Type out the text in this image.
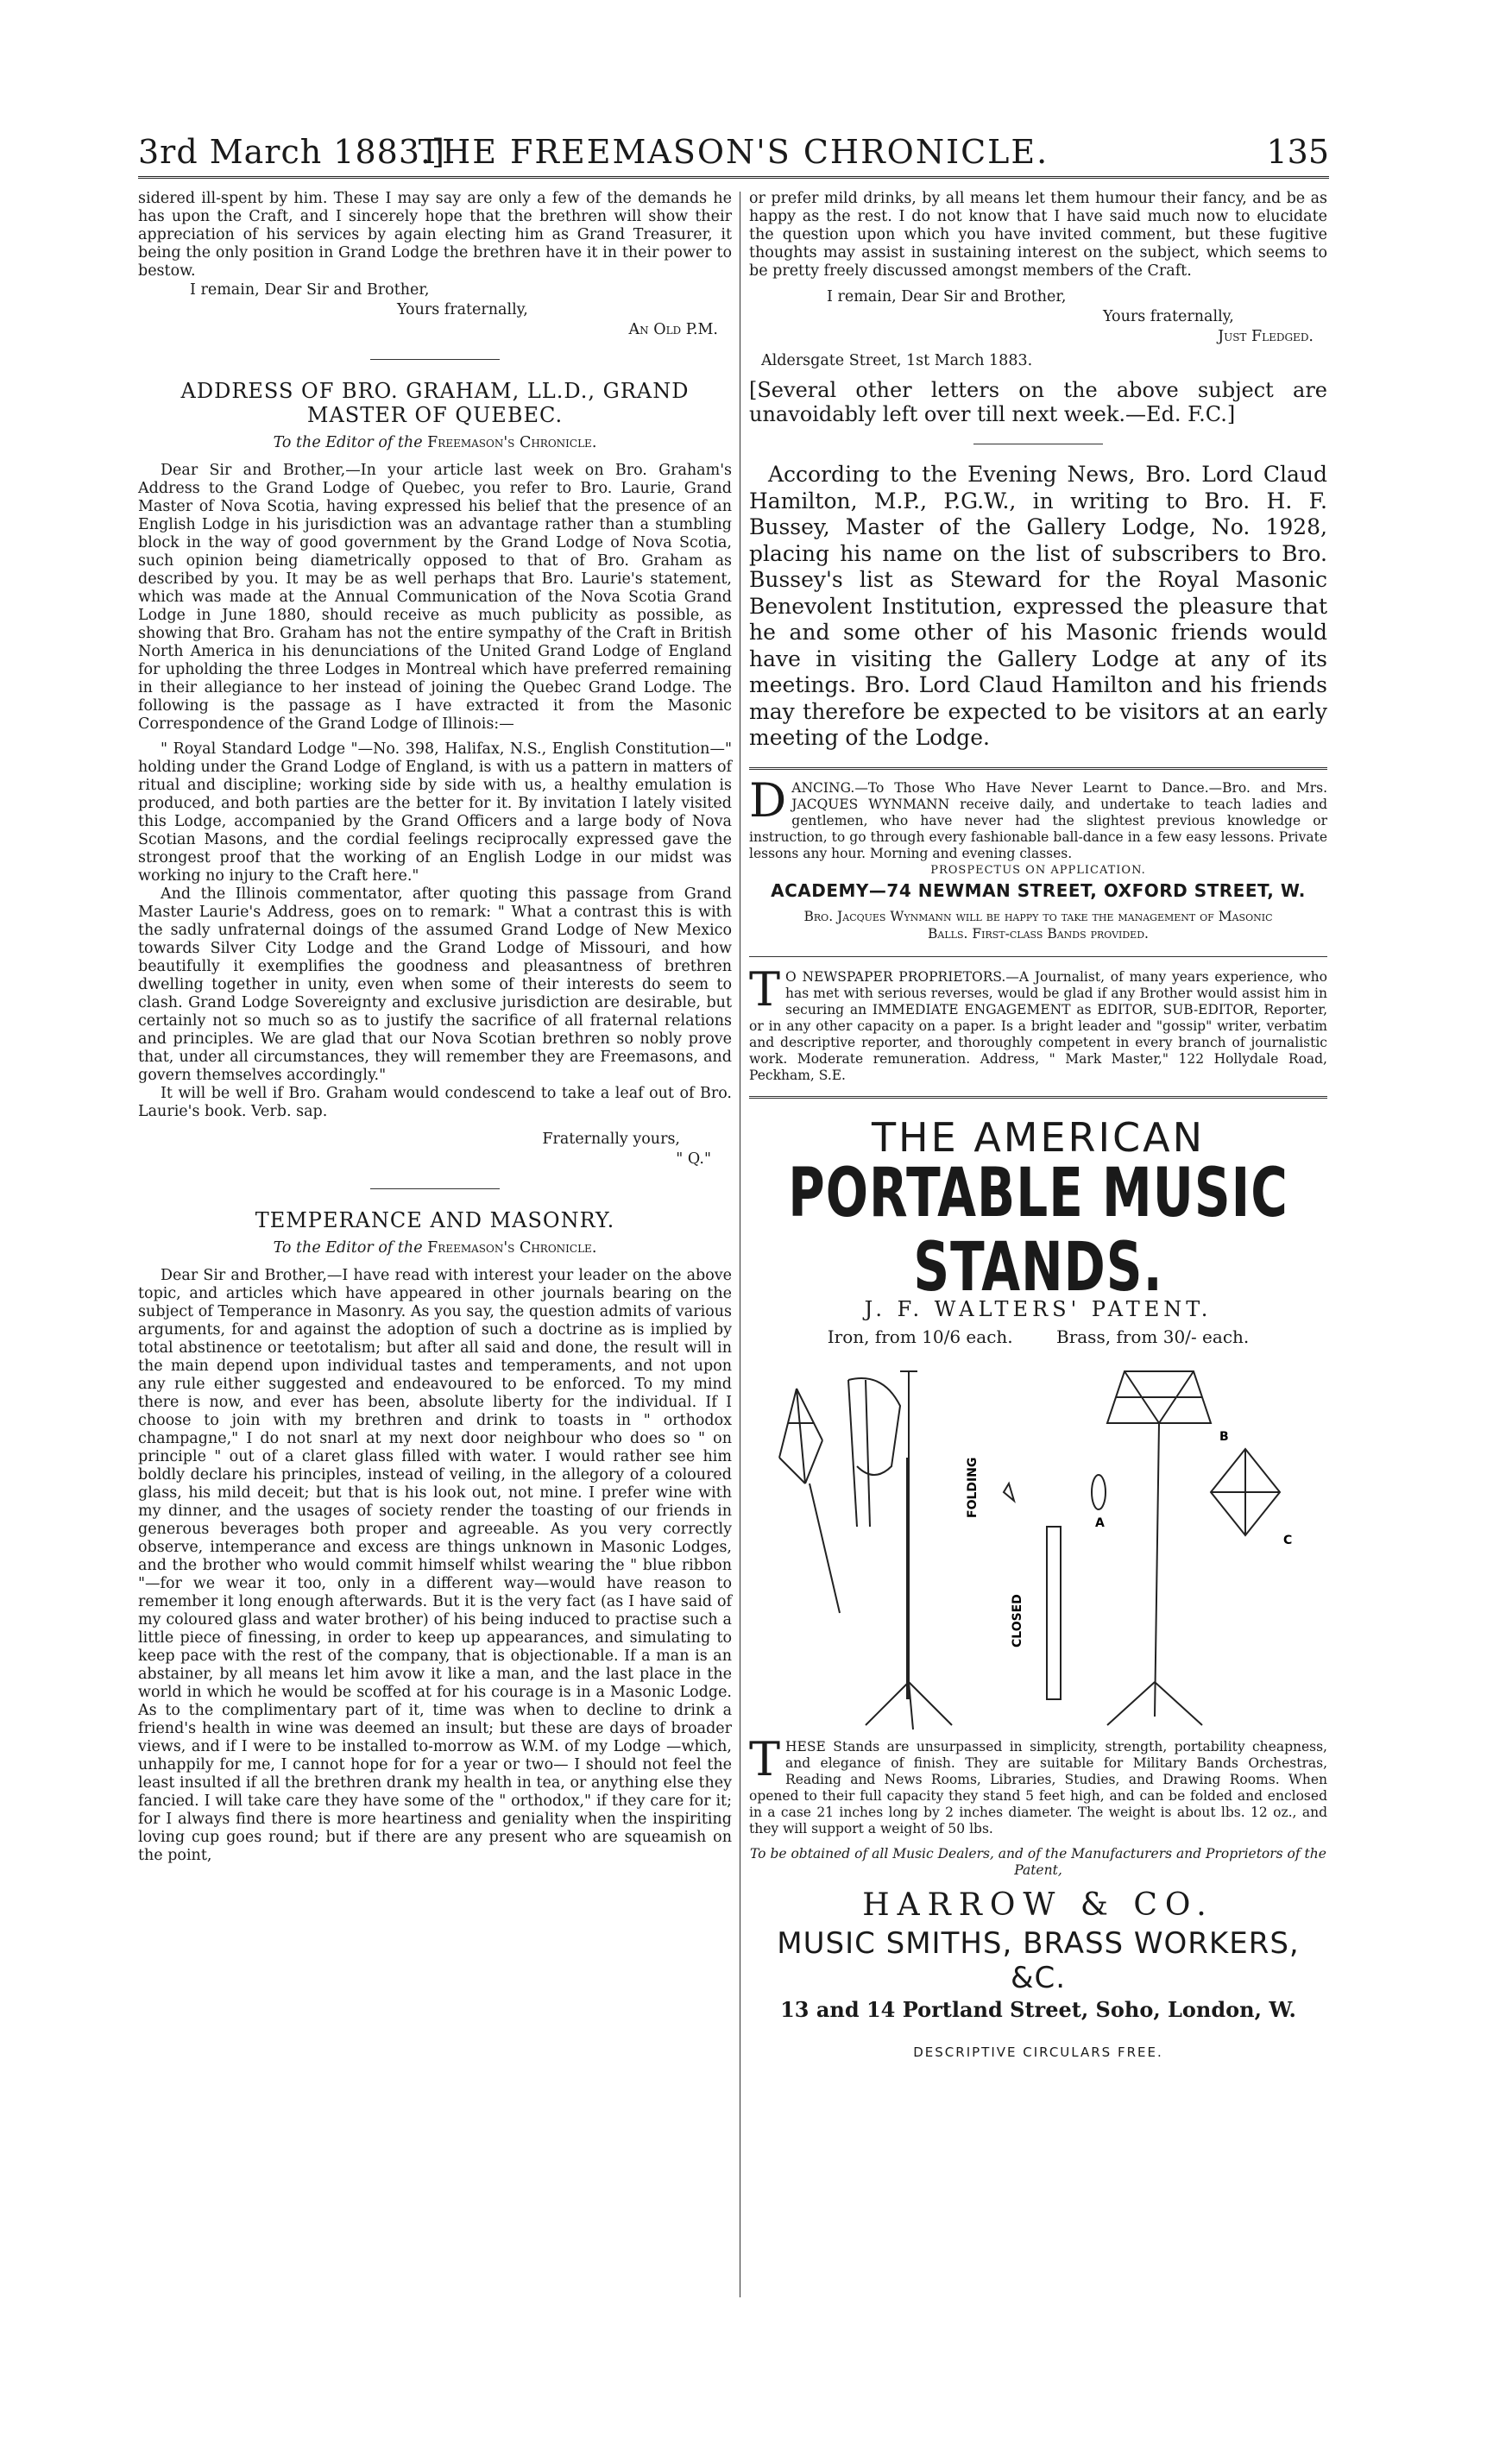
3rd March 1883.]
THE FREEMASON'S CHRONICLE.	135

sidered ill-spent by him. These I may say are only a few of the demands he has upon the Craft, and I sincerely hope that the brethren will show their appreciation of his services by again electing him as Grand Treasurer, it being the only position in Grand Lodge the brethren have it in their power to bestow.

I remain, Dear Sir and Brother,
Yours fraternally,
An Old P.M.
ADDRESS OF BRO. GRAHAM, LL.D., GRAND MASTER OF QUEBEC.
To the Editor of the Freemason's Chronicle.

Dear Sir and Brother,—In your article last week on Bro. Graham's Address to the Grand Lodge of Quebec, you refer to Bro. Laurie, Grand Master of Nova Scotia, having expressed his belief that the presence of an English Lodge in his jurisdiction was an advantage rather than a stumbling block in the way of good government by the Grand Lodge of Nova Scotia, such opinion being diametrically opposed to that of Bro. Graham as described by you. It may be as well perhaps that Bro. Laurie's statement, which was made at the Annual Communication of the Nova Scotia Grand Lodge in June 1880, should receive as much publicity as possible, as showing that Bro. Graham has not the entire sympathy of the Craft in British North America in his denunciations of the United Grand Lodge of England for upholding the three Lodges in Montreal which have preferred remaining in their allegiance to her instead of joining the Quebec Grand Lodge. The following is the passage as I have extracted it from the Masonic Correspondence of the Grand Lodge of Illinois:—

" Royal Standard Lodge "—No. 398, Halifax, N.S., English Constitution—" holding under the Grand Lodge of England, is with us a pattern in matters of ritual and discipline; working side by side with us, a healthy emulation is produced, and both parties are the better for it. By invitation I lately visited this Lodge, accompanied by the Grand Officers and a large body of Nova Scotian Masons, and the cordial feelings reciprocally expressed gave the strongest proof that the working of an English Lodge in our midst was working no injury to the Craft here."

And the Illinois commentator, after quoting this passage from Grand Master Laurie's Address, goes on to remark: " What a contrast this is with the sadly unfraternal doings of the assumed Grand Lodge of New Mexico towards Silver City Lodge and the Grand Lodge of Missouri, and how beautifully it exemplifies the goodness and pleasantness of brethren dwelling together in unity, even when some of their interests do seem to clash. Grand Lodge Sovereignty and exclusive jurisdiction are desirable, but certainly not so much so as to justify the sacrifice of all fraternal relations and principles. We are glad that our Nova Scotian brethren so nobly prove that, under all circumstances, they will remember they are Freemasons, and govern themselves accordingly."

It will be well if Bro. Graham would condescend to take a leaf out of Bro. Laurie's book. Verb. sap.

Fraternally yours,
" Q."
TEMPERANCE AND MASONRY.
To the Editor of the Freemason's Chronicle.

Dear Sir and Brother,—I have read with interest your leader on the above topic, and articles which have appeared in other journals bearing on the subject of Temperance in Masonry. As you say, the question admits of various arguments, for and against the adoption of such a doctrine as is implied by total abstinence or teetotalism; but after all said and done, the result will in the main depend upon individual tastes and temperaments, and not upon any rule either suggested and endeavoured to be enforced. To my mind there is now, and ever has been, absolute liberty for the individual. If I choose to join with my brethren and drink to toasts in " orthodox champagne," I do not snarl at my next door neighbour who does so " on principle " out of a claret glass filled with water. I would rather see him boldly declare his principles, instead of veiling, in the allegory of a coloured glass, his mild deceit; but that is his look out, not mine. I prefer wine with my dinner, and the usages of society render the toasting of our friends in generous beverages both proper and agreeable. As you very correctly observe, intemperance and excess are things unknown in Masonic Lodges, and the brother who would commit himself whilst wearing the " blue ribbon "—for we wear it too, only in a different way—would have reason to remember it long enough afterwards. But it is the very fact (as I have said of my coloured glass and water brother) of his being induced to practise such a little piece of finessing, in order to keep up appearances, and simulating to keep pace with the rest of the company, that is objectionable. If a man is an abstainer, by all means let him avow it like a man, and the last place in the world in which he would be scoffed at for his courage is in a Masonic Lodge. As to the complimentary part of it, time was when to decline to drink a friend's health in wine was deemed an insult; but these are days of broader views, and if I were to be installed to-morrow as W.M. of my Lodge —which, unhappily for me, I cannot hope for for a year or two— I should not feel the least insulted if all the brethren drank my health in tea, or anything else they fancied. I will take care they have some of the " orthodox," if they care for it; for I always find there is more heartiness and geniality when the inspiriting loving cup goes round; but if there are any present who are squeamish on the point,

or prefer mild drinks, by all means let them humour their fancy, and be as happy as the rest. I do not know that I have said much now to elucidate the question upon which you have invited comment, but these fugitive thoughts may assist in sustaining interest on the subject, which seems to be pretty freely discussed amongst members of the Craft.

I remain, Dear Sir and Brother,
Yours fraternally,
Just Fledged.
Aldersgate Street, 1st March 1883.
[Several other letters on the above subject are unavoidably left over till next week.—Ed. F.C.]

According to the Evening News, Bro. Lord Claud Hamilton, M.P., P.G.W., in writing to Bro. H. F. Bussey, Master of the Gallery Lodge, No. 1928, placing his name on the list of subscribers to Bro. Bussey's list as Steward for the Royal Masonic Benevolent Institution, expressed the pleasure that he and some other of his Masonic friends would have in visiting the Gallery Lodge at any of its meetings. Bro. Lord Claud Hamilton and his friends may therefore be expected to be visitors at an early meeting of the Lodge.

DANCING.—To Those Who Have Never Learnt to Dance.—Bro. and Mrs. JACQUES WYNMANN receive daily, and undertake to teach ladies and gentlemen, who have never had the slightest previous knowledge or instruction, to go through every fashionable ball-dance in a few easy lessons. Private lessons any hour. Morning and evening classes.

PROSPECTUS ON APPLICATION.
ACADEMY—74 NEWMAN STREET, OXFORD STREET, W.
Bro. Jacques Wynmann will be happy to take the management of Masonic Balls. First-class Bands provided.

T O NEWSPAPER PROPRIETORS.—A Journalist, of many years experience, who has met with serious reverses, would be glad if any Brother would assist him in securing an IMMEDIATE ENGAGEMENT as EDITOR, SUB-EDITOR, Reporter, or in any other capacity on a paper. Is a bright leader and "gossip" writer, verbatim and descriptive reporter, and thoroughly competent in every branch of journalistic work. Moderate remuneration. Address, " Mark Master," 122 Hollydale Road, Peckham, S.E.

THE AMERICAN
PORTABLE MUSIC STANDS.
J. F. WALTERS' PATENT.
Iron, from 10/6 each.	Brass, from 30/- each.
FOLDING
CLOSED
A
B
C

THESE Stands are unsurpassed in simplicity, strength, portability cheapness, and elegance of finish. They are suitable for Military Bands Orchestras, Reading and News Rooms, Libraries, Studies, and Drawing Rooms. When opened to their full capacity they stand 5 feet high, and can be folded and enclosed in a case 21 inches long by 2 inches diameter. The weight is about lbs. 12 oz., and they will support a weight of 50 lbs.

To be obtained of all Music Dealers, and of the Manufacturers and Proprietors of the Patent,
HARROW & CO.
MUSIC SMITHS, BRASS WORKERS, &C.
13 and 14 Portland Street, Soho, London, W.
DESCRIPTIVE CIRCULARS FREE.
